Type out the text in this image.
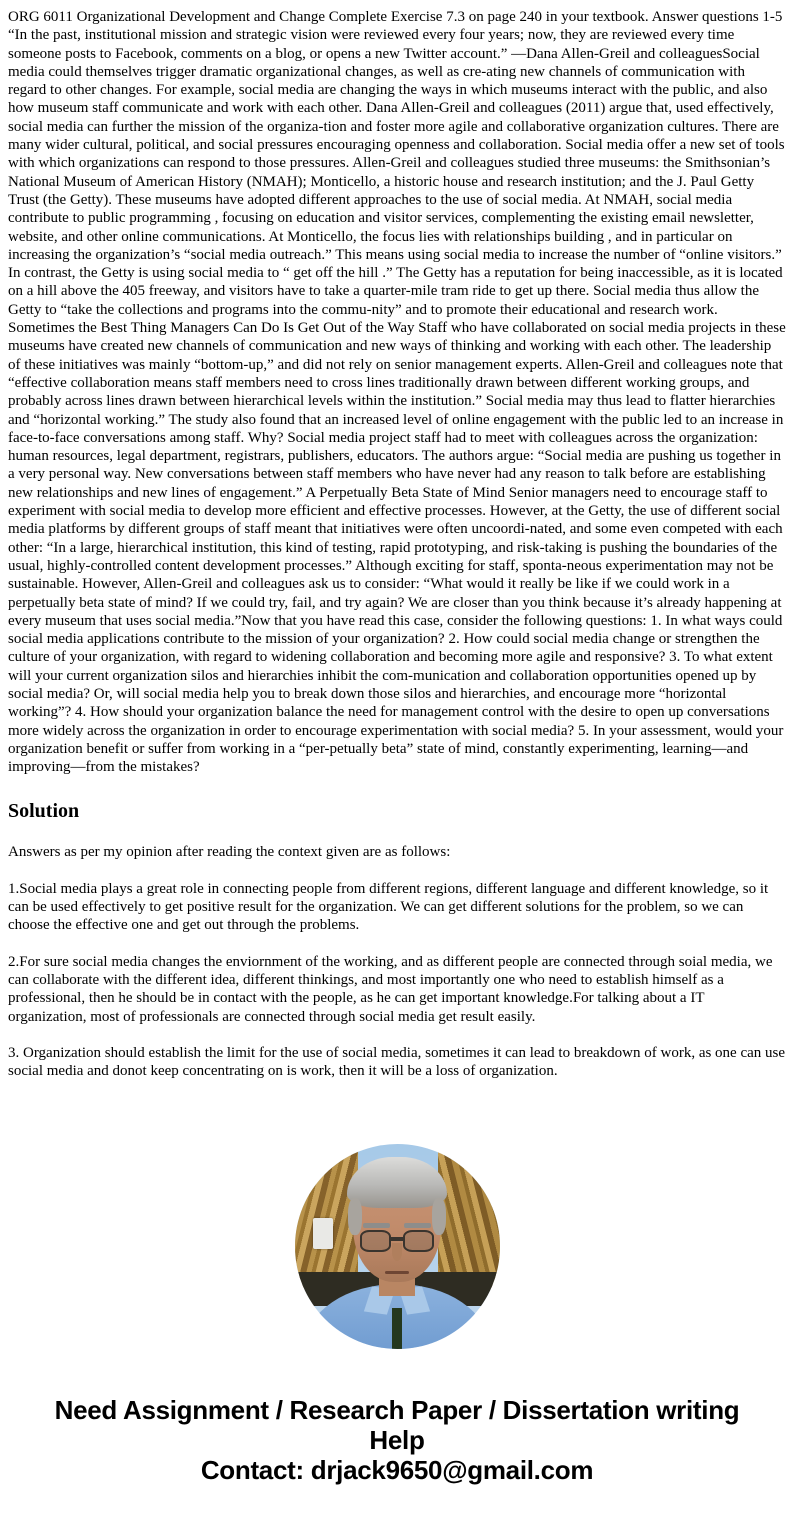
ORG 6011 Organizational Development and Change Complete Exercise 7.3 on page 240 in your textbook. Answer questions 1-5 “In the past, institutional mission and strategic vision were reviewed every four years; now, they are reviewed every time someone posts to Facebook, comments on a blog, or opens a new Twitter account.” —Dana Allen-Greil and colleaguesSocial media could themselves trigger dramatic organizational changes, as well as cre-ating new channels of communication with regard to other changes. For example, social media are changing the ways in which museums interact with the public, and also how museum staff communicate and work with each other. Dana Allen-Greil and colleagues (2011) argue that, used effectively, social media can further the mission of the organiza-tion and foster more agile and collaborative organization cultures. There are many wider cultural, political, and social pressures encouraging openness and collaboration. Social media offer a new set of tools with which organizations can respond to those pressures. Allen-Greil and colleagues studied three museums: the Smithsonian’s National Museum of American History (NMAH); Monticello, a historic house and research institution; and the J. Paul Getty Trust (the Getty). These museums have adopted different approaches to the use of social media. At NMAH, social media contribute to public programming , focusing on education and visitor services, complementing the existing email newsletter, website, and other online communications. At Monticello, the focus lies with relationships building , and in particular on increasing the organization’s “social media outreach.” This means using social media to increase the number of “online visitors.” In contrast, the Getty is using social media to “ get off the hill .” The Getty has a reputation for being inaccessible, as it is located on a hill above the 405 freeway, and visitors have to take a quarter-mile tram ride to get up there. Social media thus allow the Getty to “take the collections and programs into the commu-nity” and to promote their educational and research work. Sometimes the Best Thing Managers Can Do Is Get Out of the Way Staff who have collaborated on social media projects in these museums have created new channels of communication and new ways of thinking and working with each other. The leadership of these initiatives was mainly “bottom-up,” and did not rely on senior management experts. Allen-Greil and colleagues note that “effective collaboration means staff members need to cross lines traditionally drawn between different working groups, and probably across lines drawn between hierarchical levels within the institution.” Social media may thus lead to flatter hierarchies and “horizontal working.” The study also found that an increased level of online engagement with the public led to an increase in face-to-face conversations among staff. Why? Social media project staff had to meet with colleagues across the organization: human resources, legal department, registrars, publishers, educators. The authors argue: “Social media are pushing us together in a very personal way. New conversations between staff members who have never had any reason to talk before are establishing new relationships and new lines of engagement.” A Perpetually Beta State of Mind Senior managers need to encourage staff to experiment with social media to develop more efficient and effective processes. However, at the Getty, the use of different social media platforms by different groups of staff meant that initiatives were often uncoordi-nated, and some even competed with each other: “In a large, hierarchical institution, this kind of testing, rapid prototyping, and risk-taking is pushing the boundaries of the usual, highly-controlled content development processes.” Although exciting for staff, sponta-neous experimentation may not be sustainable. However, Allen-Greil and colleagues ask us to consider: “What would it really be like if we could work in a perpetually beta state of mind? If we could try, fail, and try again? We are closer than you think because it’s already happening at every museum that uses social media.”Now that you have read this case, consider the following questions: 1. In what ways could social media applications contribute to the mission of your organization? 2. How could social media change or strengthen the culture of your organization, with regard to widening collaboration and becoming more agile and responsive? 3. To what extent will your current organization silos and hierarchies inhibit the com-munication and collaboration opportunities opened up by social media? Or, will social media help you to break down those silos and hierarchies, and encourage more “horizontal working”? 4. How should your organization balance the need for management control with the desire to open up conversations more widely across the organization in order to encourage experimentation with social media? 5. In your assessment, would your organization benefit or suffer from working in a “per-petually beta” state of mind, constantly experimenting, learning—and improving—from the mistakes?
Solution

Answers as per my opinion after reading the context given are as follows:

1.Social media plays a great role in connecting people from different regions, different language and different knowledge, so it can be used effectively to get positive result for the organization. We can get different solutions for the problem, so we can choose the effective one and get out through the problems.

2.For sure social media changes the enviornment of the working, and as different people are connected through soial media, we can collaborate with the different idea, different thinkings, and most importantly one who need to establish himself as a professional, then he should be in contact with the people, as he can get important knowledge.For talking about a IT organization, most of professionals are connected through social media get result easily.

3. Organization should establish the limit for the use of social media, sometimes it can lead to breakdown of work, as one can use social media and donot keep concentrating on is work, then it will be a loss of organization.

Need Assignment / Research Paper / Dissertation writing Help
Contact: drjack9650@gmail.com
